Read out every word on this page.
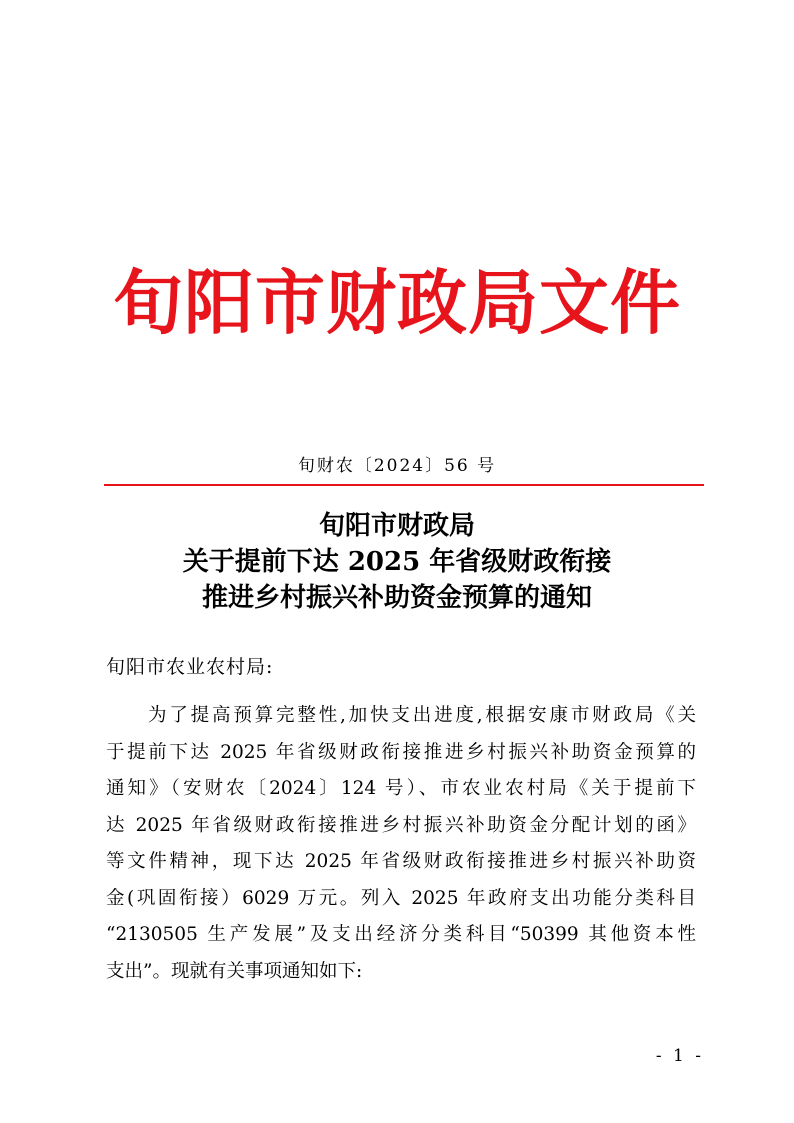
旬阳市财政局文件
旬财农〔2024〕56 号
旬阳市财政局
关于提前下达 2025 年省级财政衔接
推进乡村振兴补助资金预算的通知
旬阳市农业农村局:
为了提高预算完整性,加快支出进度,根据安康市财政局《关
于提前下达 2025 年省级财政衔接推进乡村振兴补助资金预算的
通知》（安财农〔2024〕124 号）、市农业农村局《关于提前下
达 2025 年省级财政衔接推进乡村振兴补助资金分配计划的函》
等文件精神，现下达 2025 年省级财政衔接推进乡村振兴补助资
金(巩固衔接）6029 万元。列入 2025 年政府支出功能分类科目
“2130505 生产发展”及支出经济分类科目“50399 其他资本性
支出”。现就有关事项通知如下:
- 1 -
